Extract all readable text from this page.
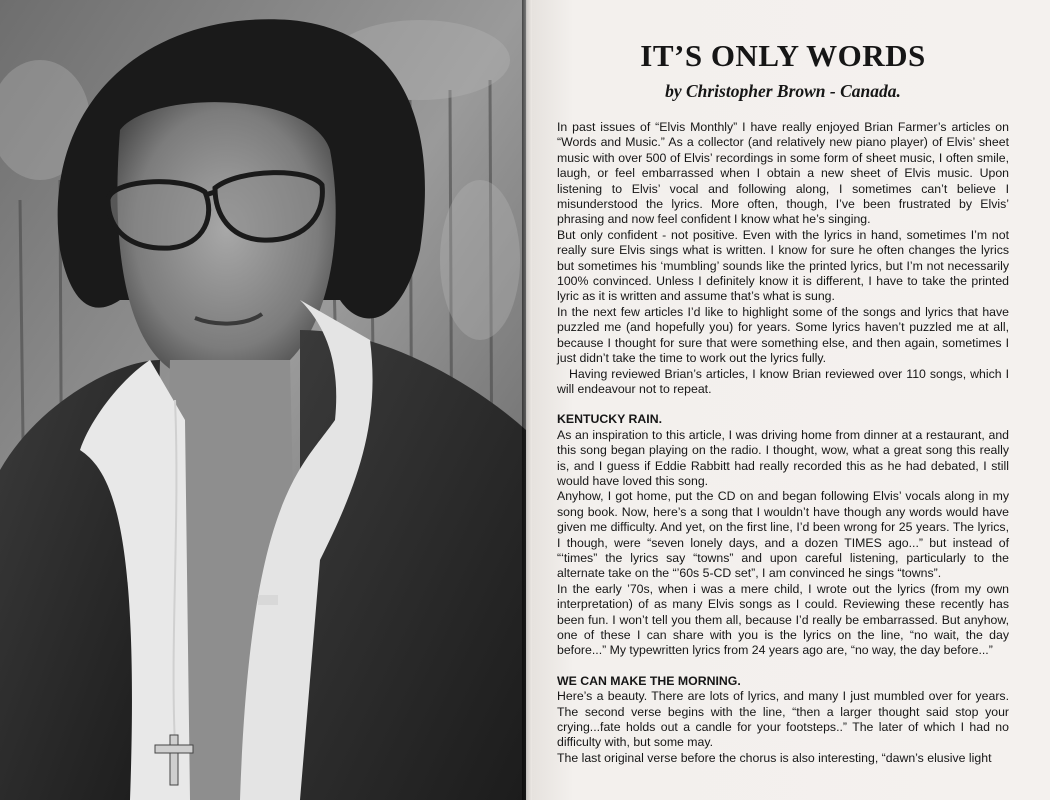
IT’S ONLY WORDS
by Christopher Brown - Canada.

In past issues of “Elvis Monthly” I have really enjoyed Brian Farmer’s articles on “Words and Music.” As a collector (and relatively new piano player) of Elvis’ sheet music with over 500 of Elvis’ recordings in some form of sheet music, I often smile, laugh, or feel embarrassed when I obtain a new sheet of Elvis music. Upon listening to Elvis’ vocal and following along, I sometimes can’t believe I misunderstood the lyrics. More often, though, I’ve been frustrated by Elvis’ phrasing and now feel confident I know what he’s singing.

But only confident - not positive. Even with the lyrics in hand, sometimes I’m not really sure Elvis sings what is written. I know for sure he often changes the lyrics but sometimes his ‘mumbling’ sounds like the printed lyrics, but I’m not necessarily 100% convinced. Unless I definitely know it is different, I have to take the printed lyric as it is written and assume that’s what is sung.

In the next few articles I’d like to highlight some of the songs and lyrics that have puzzled me (and hopefully you) for years. Some lyrics haven’t puzzled me at all, because I thought for sure that were something else, and then again, sometimes I just didn’t take the time to work out the lyrics fully.

Having reviewed Brian’s articles, I know Brian reviewed over 110 songs, which I will endeavour not to repeat.

KENTUCKY RAIN.

As an inspiration to this article, I was driving home from dinner at a restaurant, and this song began playing on the radio. I thought, wow, what a great song this really is, and I guess if Eddie Rabbitt had really recorded this as he had debated, I still would have loved this song.

Anyhow, I got home, put the CD on and began following Elvis’ vocals along in my song book. Now, here’s a song that I wouldn’t have though any words would have given me difficulty. And yet, on the first line, I’d been wrong for 25 years. The lyrics, I though, were “seven lonely days, and a dozen TIMES ago...” but instead of “‘times” the lyrics say “towns” and upon careful listening, particularly to the alternate take on the “’60s 5-CD set”, I am convinced he sings “towns”.

In the early ’70s, when i was a mere child, I wrote out the lyrics (from my own interpretation) of as many Elvis songs as I could. Reviewing these recently has been fun. I won’t tell you them all, because I’d really be embarrassed. But anyhow, one of these I can share with you is the lyrics on the line, “no wait, the day before...” My typewritten lyrics from 24 years ago are, “no way, the day before...”

WE CAN MAKE THE MORNING.

Here’s a beauty. There are lots of lyrics, and many I just mumbled over for years. The second verse begins with the line, “then a larger thought said stop your crying...fate holds out a candle for your footsteps..” The later of which I had no difficulty with, but some may.

The last original verse before the chorus is also interesting, “dawn’s elusive light
